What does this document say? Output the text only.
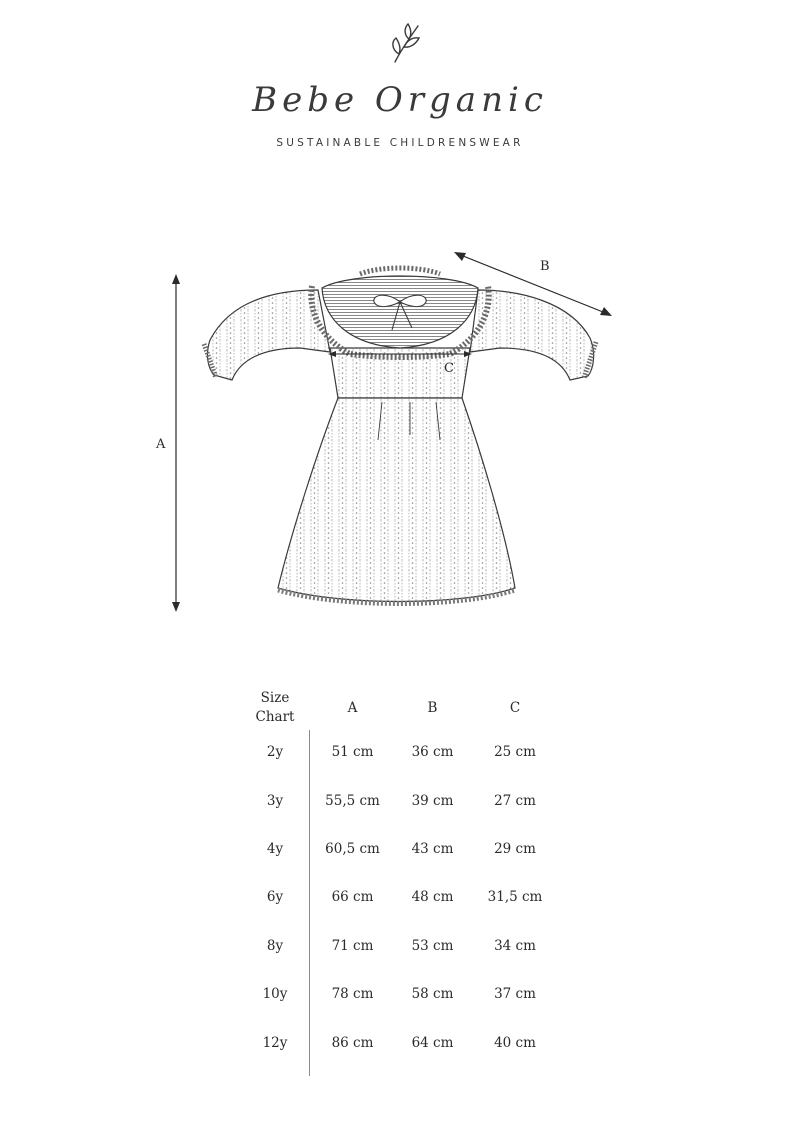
Bebe Organic
SUSTAINABLE CHILDRENSWEAR
A
B
C
Size
Chart	A	B	C
2y	51 cm	36 cm	25 cm
3y	55,5 cm	39 cm	27 cm
4y	60,5 cm	43 cm	29 cm
6y	66 cm	48 cm	31,5 cm
8y	71 cm	53 cm	34 cm
10y	78 cm	58 cm	37 cm
12y	86 cm	64 cm	40 cm
